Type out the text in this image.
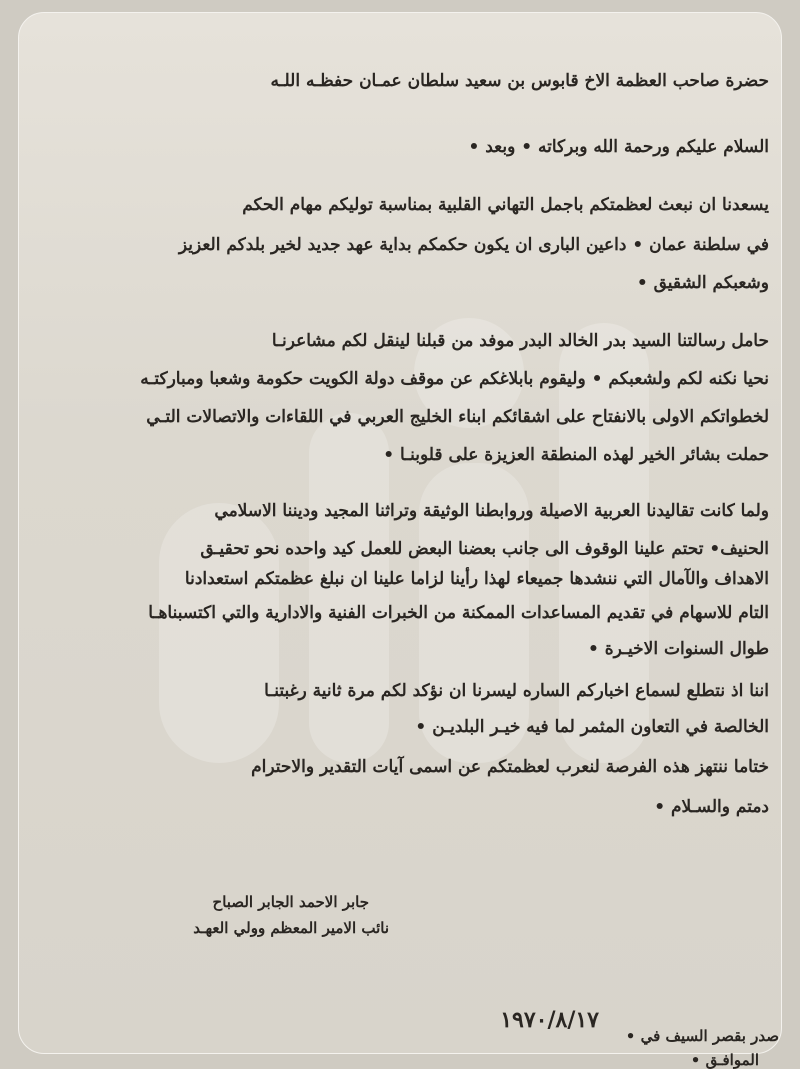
حضرة صاحب العظمة الاخ قابوس بن سعيد سلطان عمـان حفظـه اللـه
السلام عليكم ورحمة الله وبركاته • وبعد •
يسعدنا ان نبعث لعظمتكم باجمل التهاني القلبية بمناسبة توليكم مهام الحكم
في سلطنة عمان • داعين البارى ان يكون حكمكم بداية عهد جديد لخير بلدكم العزيز
وشعبكم الشقيق •
حامل رسالتنا السيد بدر الخالد البدر موفد من قبلنا لينقل لكم مشاعرنـا
نحيا نكنه لكم ولشعبكم • وليقوم بابلاغكم عن موقف دولة الكويت حكومة وشعبا ومباركتـه
لخطواتكم الاولى بالانفتاح على اشقائكم ابناء الخليج العربي في اللقاءات والاتصالات التـي
حملت بشائر الخير لهذه المنطقة العزيزة على قلوبنـا •
ولما كانت تقاليدنا العربية الاصيلة وروابطنا الوثيقة وتراثنا المجيد وديننا الاسلامي
الحنيف• تحتم علينا الوقوف الى جانب بعضنا البعض للعمل كيد واحده نحو تحقيـق
الاهداف والآمال التي ننشدها جميعاء لهذا رأينا لزاما علينا ان نبلغ عظمتكم استعدادنا
التام للاسهام في تقديم المساعدات الممكنة من الخبرات الفنية والادارية والتي اكتسبناهـا
طوال السنوات الاخيـرة •
اننا اذ نتطلع لسماع اخباركم الساره ليسرنا ان نؤكد لكم مرة ثانية رغبتنـا
الخالصة في التعاون المثمر لما فيه خيـر البلديـن •
ختاما ننتهز هذه الفرصة لنعرب لعظمتكم عن اسمى آيات التقدير والاحترام
دمتم والسـلام •
جابر الاحمد الجابر الصباح
نائب الامير المعظم وولي العهـد
صدر بقصر السيف في •
الموافـق •
١٩٧٠/٨/١٧
